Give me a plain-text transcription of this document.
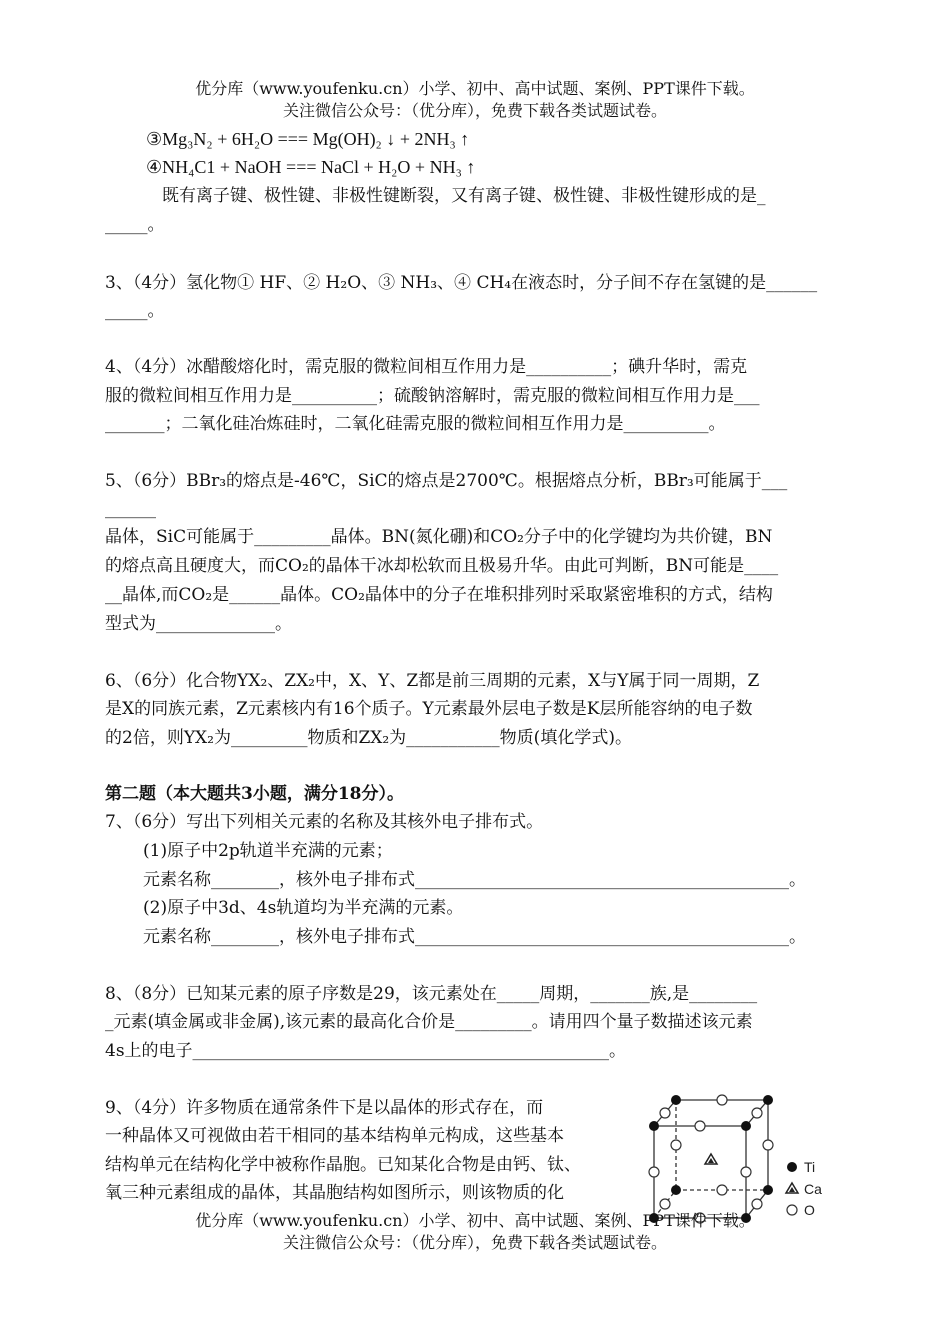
优分库（www.youfenku.cn）小学、初中、高中试题、案例、PPT课件下载。
关注微信公众号：（优分库），免费下载各类试题试卷。
③Mg₃N₂ + 6H₂O === Mg(OH)₂ ↓ + 2NH₃ ↑
④NH₄C1 + NaOH === NaCl + H₂O + NH₃ ↑
既有离子键、极性键、非极性键断裂，又有离子键、极性键、非极性键形成的是_
_____。
3、（4分）氢化物① HF、② H₂O、③ NH₃、④ CH₄在液态时，分子间不存在氢键的是______
_____。
4、（4分）冰醋酸熔化时，需克服的微粒间相互作用力是__________；碘升华时，需克
服的微粒间相互作用力是__________；硫酸钠溶解时，需克服的微粒间相互作用力是___
_______；二氧化硅冶炼硅时，二氧化硅需克服的微粒间相互作用力是__________。
5、（6分）BBr₃的熔点是-46℃，SiC的熔点是2700℃。根据熔点分析，BBr₃可能属于___
______
晶体，SiC可能属于_________晶体。BN(氮化硼)和CO₂分子中的化学键均为共价键，BN
的熔点高且硬度大，而CO₂的晶体干冰却松软而且极易升华。由此可判断，BN可能是____
__晶体,而CO₂是______晶体。CO₂晶体中的分子在堆积排列时采取紧密堆积的方式，结构
型式为______________。
6、（6分）化合物YX₂、ZX₂中，X、Y、Z都是前三周期的元素，X与Y属于同一周期，Z
是X的同族元素，Z元素核内有16个质子。Y元素最外层电子数是K层所能容纳的电子数
的2倍，则YX₂为_________物质和ZX₂为___________物质(填化学式)。
第二题（本大题共3小题，满分18分）。
7、（6分）写出下列相关元素的名称及其核外电子排布式。
(1)原子中2p轨道半充满的元素；
元素名称________，核外电子排布式____________________________________________。
(2)原子中3d、4s轨道均为半充满的元素。
元素名称________，核外电子排布式____________________________________________。
8、（8分）已知某元素的原子序数是29，该元素处在_____周期，_______族,是________
_元素(填金属或非金属),该元素的最高化合价是_________。请用四个量子数描述该元素
4s上的电子_________________________________________________。
9、（4分）许多物质在通常条件下是以晶体的形式存在，而
一种晶体又可视做由若干相同的基本结构单元构成，这些基本
结构单元在结构化学中被称作晶胞。已知某化合物是由钙、钛、
氧三种元素组成的晶体，其晶胞结构如图所示，则该物质的化
Ti
Ca
O
优分库（www.youfenku.cn）小学、初中、高中试题、案例、PPT课件下载。
关注微信公众号：（优分库），免费下载各类试题试卷。
